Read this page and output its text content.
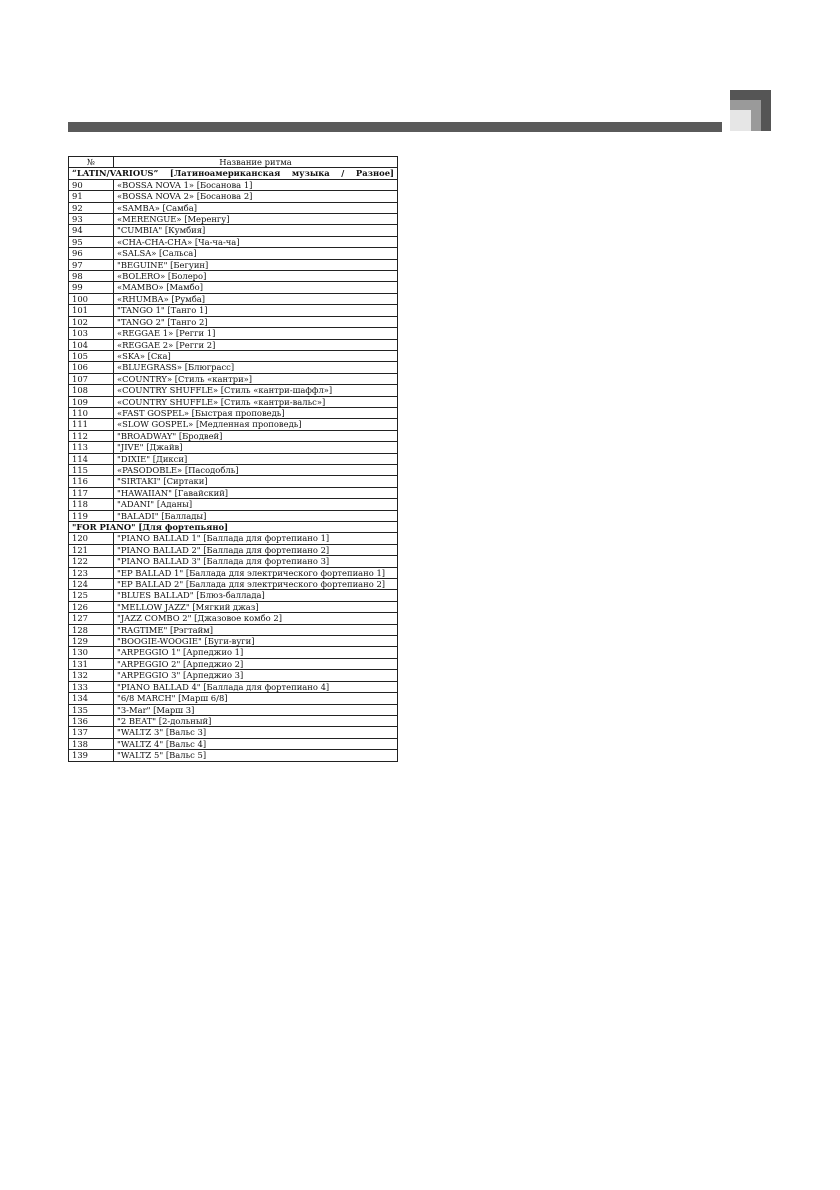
№	Название ритма
“LATIN/VARIOUS” [Латиноамериканская музыка / Разное]	
90	«BOSSA NOVA 1» [Босанова 1]
91	«BOSSA NOVA 2» [Босанова 2]
92	«SAMBA» [Самба]
93	«MERENGUE» [Меренгу]
94	"CUMBIA" [Кумбия]
95	«CHA-CHA-CHA» [Ча-ча-ча]
96	«SALSA» [Сальса]
97	"BEGUINE" [Бегуин]
98	«BOLERO» [Болеро]
99	«MAMBO» [Мамбо]
100	«RHUMBA» [Румба]
101	"TANGO 1" [Танго 1]
102	"TANGO 2" [Танго 2]
103	«REGGAE 1» [Регги 1]
104	«REGGAE 2» [Регги 2]
105	«SKA» [Ска]
106	«BLUEGRASS» [Блюграсс]
107	«COUNTRY» [Стиль «кантри»]
108	«COUNTRY SHUFFLE» [Стиль «кантри-шаффл»]
109	«COUNTRY SHUFFLE» [Стиль «кантри-вальс»]
110	«FAST GOSPEL» [Быстрая проповедь]
111	«SLOW GOSPEL» [Медленная проповедь]
112	"BROADWAY" [Бродвей]
113	"JIVE" [Джайв]
114	"DIXIE" [Дикси]
115	«PASODOBLE» [Пасодобль]
116	"SIRTAKI" [Сиртаки]
117	"HAWAIIAN" [Гавайский]
118	"ADANI" [Аданы]
119	"BALADI" [Баллады]
"FOR PIANO" [Для фортепьяно]	
120	"PIANO BALLAD 1" [Баллада для фортепиано 1]
121	"PIANO BALLAD 2" [Баллада для фортепиано 2]
122	"PIANO BALLAD 3" [Баллада для фортепиано 3]
123	"EP BALLAD 1" [Баллада для электрического фортепиано 1]
124	"EP BALLAD 2" [Баллада для электрического фортепиано 2]
125	"BLUES BALLAD" [Блюз-баллада]
126	"MELLOW JAZZ" [Мягкий джаз]
127	"JAZZ COMBO 2" [Джазовое комбо 2]
128	"RAGTIME" [Рэгтайм]
129	"BOOGIE-WOOGIE" [Буги-вуги]
130	"ARPEGGIO 1" [Арпеджио 1]
131	"ARPEGGIO 2" [Арпеджио 2]
132	"ARPEGGIO 3" [Арпеджио 3]
133	"PIANO BALLAD 4" [Баллада для фортепиано 4]
134	"6/8 MARCH" [Марш 6/8]
135	"3-Mar" [Марш 3]
136	"2 BEAT" [2-дольный]
137	"WALTZ 3" [Вальс 3]
138	"WALTZ 4" [Вальс 4]
139	"WALTZ 5" [Вальс 5]
